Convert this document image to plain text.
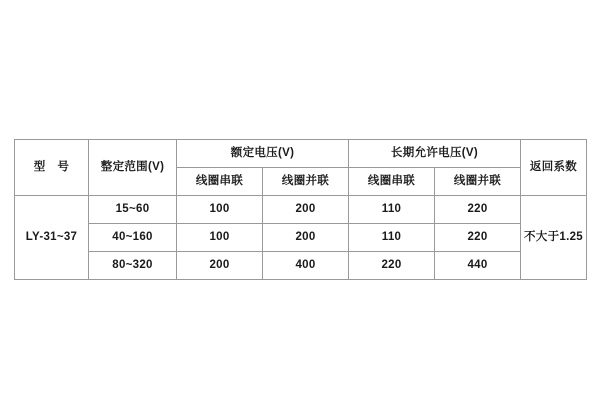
型　号	整定范围(V)	额定电压(V)		长期允许电压(V)		返回系数
		线圈串联	线圈并联	线圈串联	线圈并联	
LY-31~37	15~60	100	200	110	220	不大于1.25
	40~160	100	200	110	220	
	80~320	200	400	220	440	
